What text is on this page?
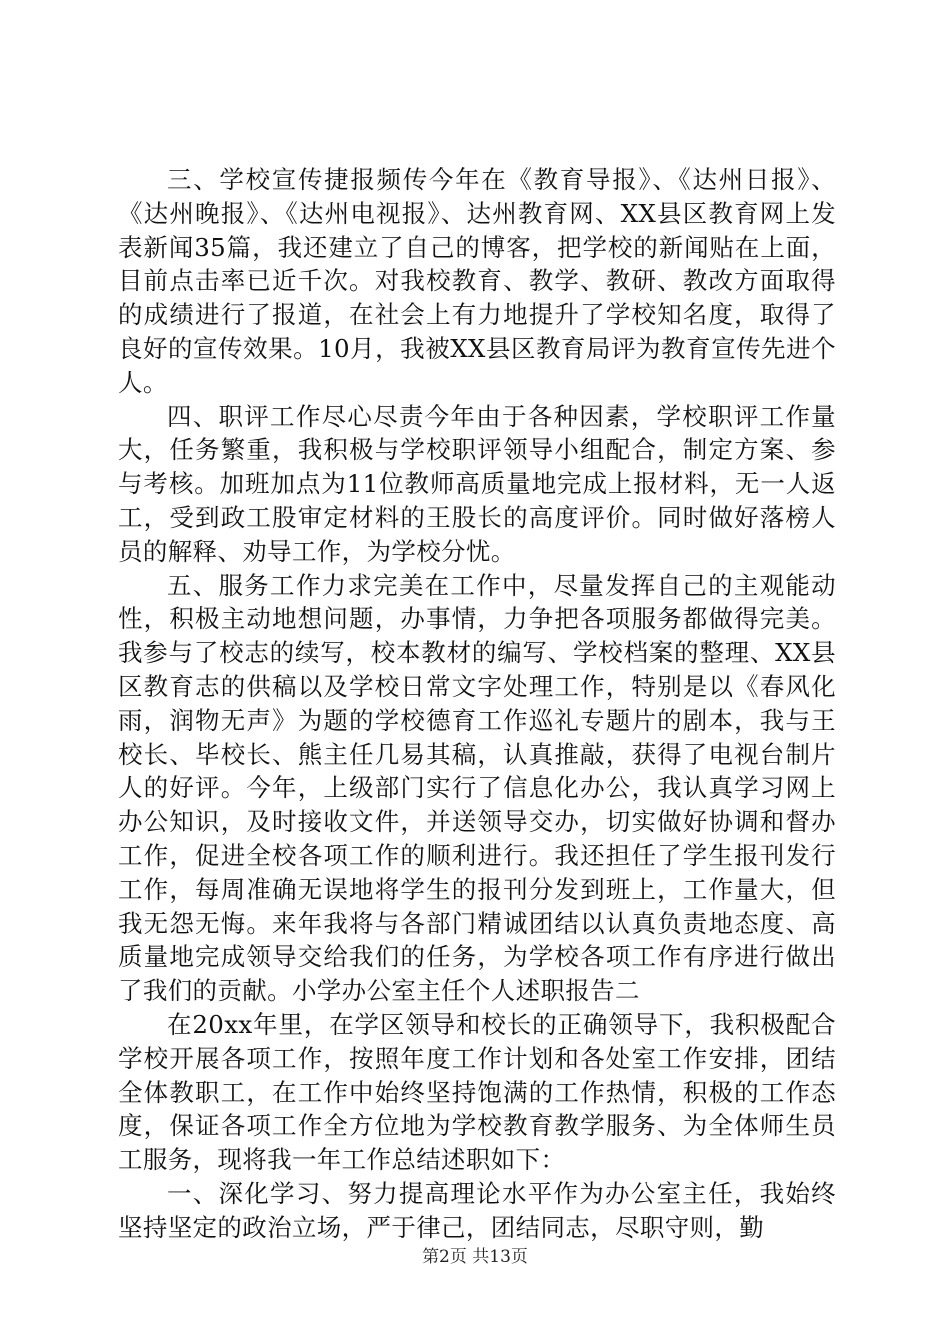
三、学校宣传捷报频传今年在《教育导报》、《达州日报》、《达州晚报》、《达州电视报》、达州教育网、XX县区教育网上发表新闻35篇，我还建立了自己的博客，把学校的新闻贴在上面，目前点击率已近千次。对我校教育、教学、教研、教改方面取得的成绩进行了报道，在社会上有力地提升了学校知名度，取得了良好的宣传效果。10月，我被XX县区教育局评为教育宣传先进个人。

四、职评工作尽心尽责今年由于各种因素，学校职评工作量大，任务繁重，我积极与学校职评领导小组配合，制定方案、参与考核。加班加点为11位教师高质量地完成上报材料，无一人返工，受到政工股审定材料的王股长的高度评价。同时做好落榜人员的解释、劝导工作，为学校分忧。

五、服务工作力求完美在工作中，尽量发挥自己的主观能动性，积极主动地想问题，办事情，力争把各项服务都做得完美。我参与了校志的续写，校本教材的编写、学校档案的整理、XX县区教育志的供稿以及学校日常文字处理工作，特别是以《春风化雨，润物无声》为题的学校德育工作巡礼专题片的剧本，我与王校长、毕校长、熊主任几易其稿，认真推敲，获得了电视台制片人的好评。今年，上级部门实行了信息化办公，我认真学习网上办公知识，及时接收文件，并送领导交办，切实做好协调和督办工作，促进全校各项工作的顺利进行。我还担任了学生报刊发行工作，每周准确无误地将学生的报刊分发到班上，工作量大，但我无怨无悔。来年我将与各部门精诚团结以认真负责地态度、高质量地完成领导交给我们的任务，为学校各项工作有序进行做出了我们的贡献。小学办公室主任个人述职报告二

在20xx年里，在学区领导和校长的正确领导下，我积极配合学校开展各项工作，按照年度工作计划和各处室工作安排，团结全体教职工，在工作中始终坚持饱满的工作热情，积极的工作态度，保证各项工作全方位地为学校教育教学服务、为全体师生员工服务，现将我一年工作总结述职如下：

一、深化学习、努力提高理论水平作为办公室主任，我始终坚持坚定的政治立场，严于律己，团结同志，尽职守则，勤

第2页 共13页
